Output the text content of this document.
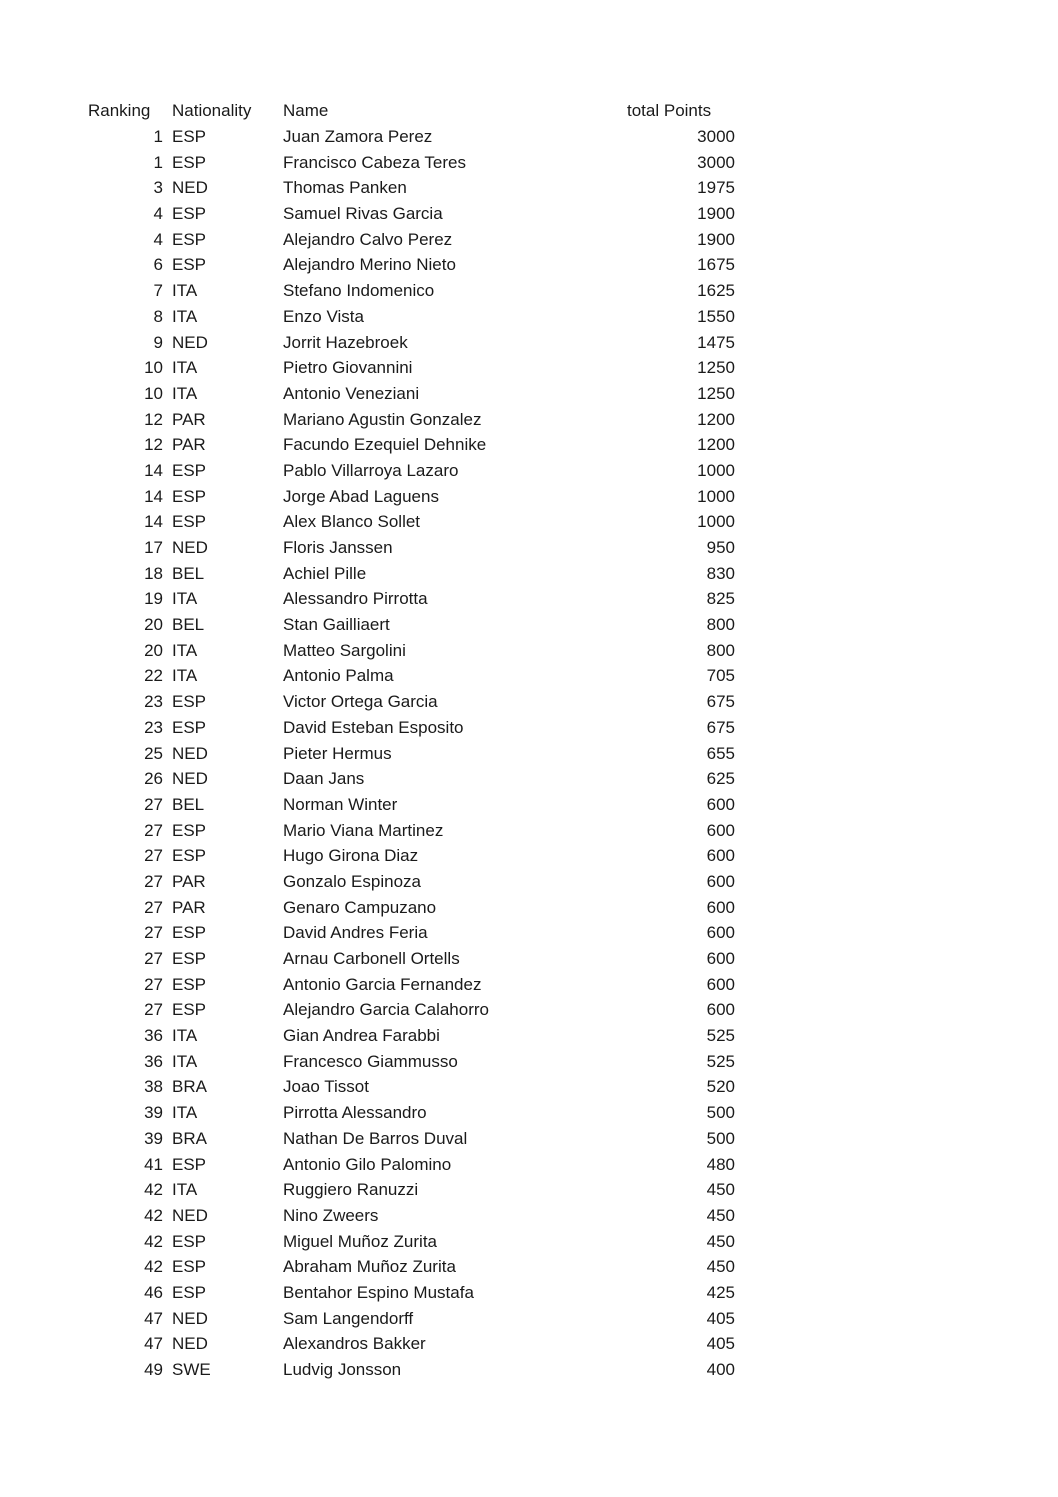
Ranking	Nationality	Name	total Points
1	ESP	Juan Zamora Perez	3000
1	ESP	Francisco Cabeza Teres	3000
3	NED	Thomas Panken	1975
4	ESP	Samuel Rivas Garcia	1900
4	ESP	Alejandro Calvo Perez	1900
6	ESP	Alejandro Merino Nieto	1675
7	ITA	Stefano Indomenico	1625
8	ITA	Enzo Vista	1550
9	NED	Jorrit Hazebroek	1475
10	ITA	Pietro Giovannini	1250
10	ITA	Antonio Veneziani	1250
12	PAR	Mariano Agustin Gonzalez	1200
12	PAR	Facundo Ezequiel Dehnike	1200
14	ESP	Pablo Villarroya Lazaro	1000
14	ESP	Jorge Abad Laguens	1000
14	ESP	Alex Blanco Sollet	1000
17	NED	Floris Janssen	950
18	BEL	Achiel Pille	830
19	ITA	Alessandro Pirrotta	825
20	BEL	Stan Gailliaert	800
20	ITA	Matteo Sargolini	800
22	ITA	Antonio Palma	705
23	ESP	Victor Ortega Garcia	675
23	ESP	David Esteban Esposito	675
25	NED	Pieter Hermus	655
26	NED	Daan Jans	625
27	BEL	Norman Winter	600
27	ESP	Mario Viana Martinez	600
27	ESP	Hugo Girona Diaz	600
27	PAR	Gonzalo Espinoza	600
27	PAR	Genaro Campuzano	600
27	ESP	David Andres Feria	600
27	ESP	Arnau Carbonell Ortells	600
27	ESP	Antonio Garcia Fernandez	600
27	ESP	Alejandro Garcia Calahorro	600
36	ITA	Gian Andrea Farabbi	525
36	ITA	Francesco Giammusso	525
38	BRA	Joao Tissot	520
39	ITA	Pirrotta Alessandro	500
39	BRA	Nathan De Barros Duval	500
41	ESP	Antonio Gilo Palomino	480
42	ITA	Ruggiero Ranuzzi	450
42	NED	Nino Zweers	450
42	ESP	Miguel Muñoz Zurita	450
42	ESP	Abraham Muñoz Zurita	450
46	ESP	Bentahor Espino Mustafa	425
47	NED	Sam Langendorff	405
47	NED	Alexandros Bakker	405
49	SWE	Ludvig Jonsson	400
